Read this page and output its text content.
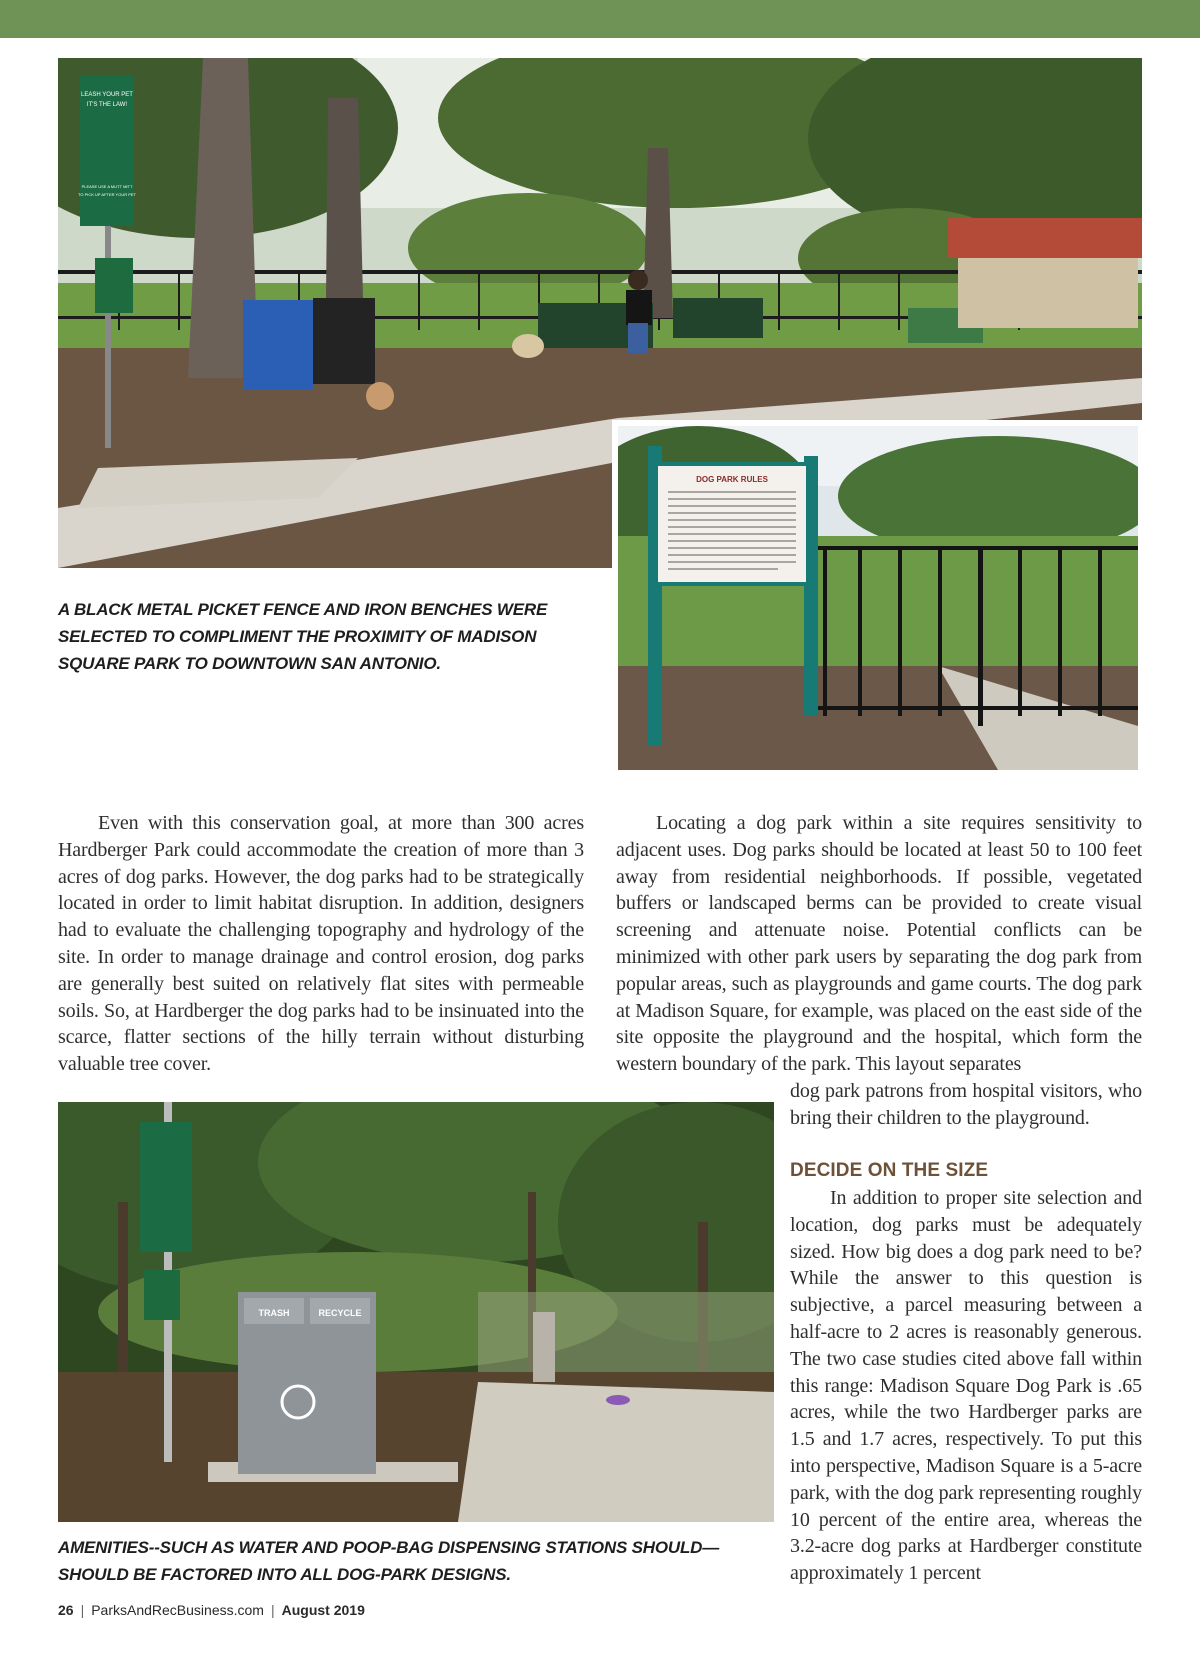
LEASH YOUR PET
IT'S THE LAW!
PLEASE USE A MUTT MITT
TO PICK UP AFTER YOUR PET
DOG PARK RULES
A BLACK METAL PICKET FENCE AND IRON BENCHES WERE SELECTED TO COMPLIMENT THE PROXIMITY OF MADISON SQUARE PARK TO DOWNTOWN SAN ANTONIO.

Even with this conservation goal, at more than 300 acres Hardberger Park could accommodate the creation of more than 3 acres of dog parks. However, the dog parks had to be strategically located in order to limit habitat disruption. In addition, designers had to evaluate the challenging topography and hydrology of the site. In order to manage drainage and control erosion, dog parks are generally best suited on relatively flat sites with permeable soils. So, at Hardberger the dog parks had to be insinuated into the scarce, flatter sections of the hilly terrain without disturbing valuable tree cover.

Locating a dog park within a site requires sensitivity to adjacent uses. Dog parks should be located at least 50 to 100 feet away from residential neighborhoods. If possible, vegetated buffers or landscaped berms can be provided to create visual screening and attenuate noise. Potential conflicts can be minimized with other park users by separating the dog park from popular areas, such as playgrounds and game courts. The dog park at Madison Square, for example, was placed on the east side of the site opposite the playground and the hospital, which form the western boundary of the park. This layout separates

dog park patrons from hospital visitors, who bring their children to the playground.

DECIDE ON THE SIZE

In addition to proper site selection and location, dog parks must be adequately sized. How big does a dog park need to be? While the answer to this question is subjective, a parcel measuring between a half-acre to 2 acres is reasonably generous. The two case studies cited above fall within this range: Madison Square Dog Park is .65 acres, while the two Hardberger parks are 1.5 and 1.7 acres, respectively. To put this into perspective, Madison Square is a 5-acre park, with the dog park representing roughly 10 percent of the entire area, whereas the 3.2-acre dog parks at Hardberger constitute approximately 1 percent

TRASH	RECYCLE
AMENITIES--SUCH AS WATER AND POOP-BAG DISPENSING STATIONS SHOULD—SHOULD BE FACTORED INTO ALL DOG-PARK DESIGNS.
26 | ParksAndRecBusiness.com | August 2019
